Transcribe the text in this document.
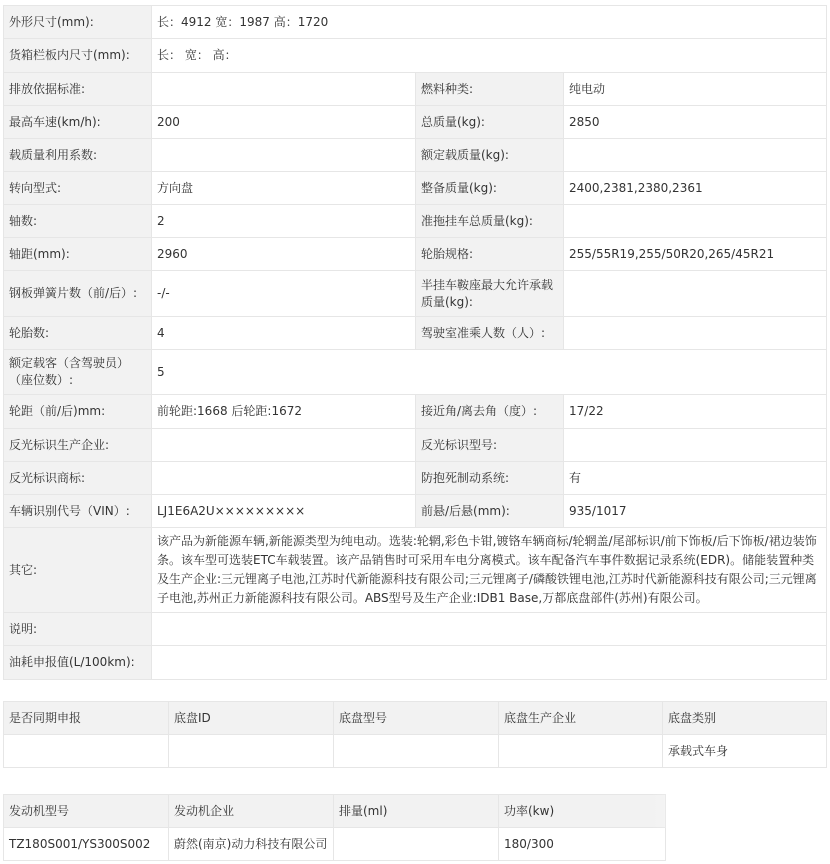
外形尺寸(mm):	长：4912 宽：1987 高：1720		
货箱栏板内尺寸(mm):	长： 宽： 高：		
排放依据标准:		燃料种类:	纯电动
最高车速(km/h):	200	总质量(kg):	2850
载质量利用系数:		额定载质量(kg):	
转向型式:	方向盘	整备质量(kg):	2400,2381,2380,2361
轴数:	2	准拖挂车总质量(kg):	
轴距(mm):	2960	轮胎规格:	255/55R19,255/50R20,265/45R21
钢板弹簧片数（前/后）:	-/-	半挂车鞍座最大允许承载质量(kg):	
轮胎数:	4	驾驶室准乘人数（人）:	
额定载客（含驾驶员）（座位数）:	5		
轮距（前/后)mm:	前轮距:1668 后轮距:1672	接近角/离去角（度）:	17/22
反光标识生产企业:		反光标识型号:	
反光标识商标:		防抱死制动系统:	有
车辆识别代号（VIN）:	LJ1E6A2U×××××××××	前悬/后悬(mm):	935/1017
其它:	该产品为新能源车辆,新能源类型为纯电动。选装:轮辋,彩色卡钳,镀铬车辆商标/轮辋盖/尾部标识/前下饰板/后下饰板/裙边装饰条。该车型可选装ETC车载装置。该产品销售时可采用车电分离模式。该车配备汽车事件数据记录系统(EDR)。储能装置种类及生产企业:三元锂离子电池,江苏时代新能源科技有限公司;三元锂离子/磷酸铁锂电池,江苏时代新能源科技有限公司;三元锂离子电池,苏州正力新能源科技有限公司。ABS型号及生产企业:IDB1 Base,万都底盘部件(苏州)有限公司。		
说明:			
油耗申报值(L/100km):			
是否同期申报	底盘ID	底盘型号	底盘生产企业	底盘类别
				承载式车身
发动机型号	发动机企业	排量(ml)	功率(kw)
TZ180S001/YS300S002	蔚然(南京)动力科技有限公司		180/300
